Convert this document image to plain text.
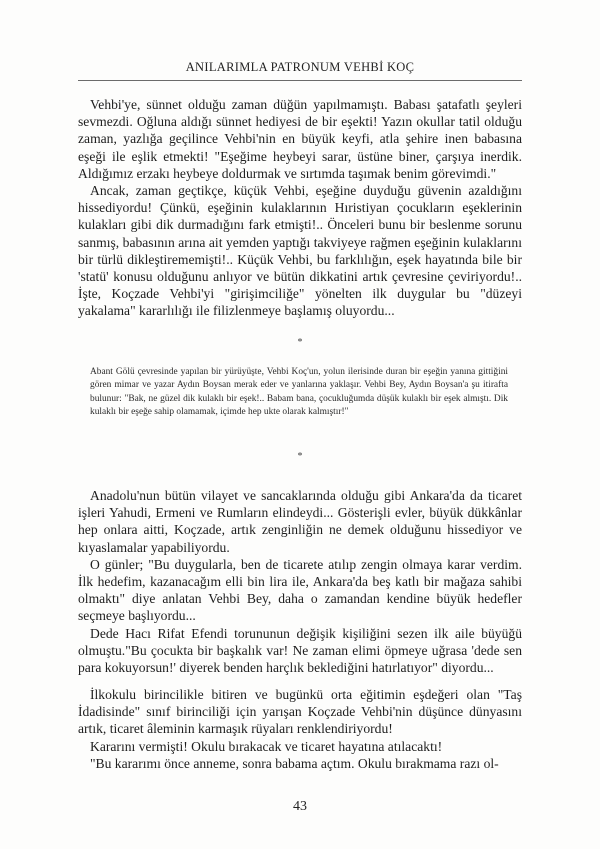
ANILARIMLA PATRONUM VEHBİ KOÇ

Vehbi'ye, sünnet olduğu zaman düğün yapılmamıştı. Babası şatafatlı şeyleri sevmezdi. Oğluna aldığı sünnet hediyesi de bir eşekti! Yazın okullar tatil olduğu zaman, yazlığa geçilince Vehbi'nin en büyük keyfi, atla şehire inen babasına eşeği ile eşlik etmekti! "Eşeğime heybeyi sarar, üstüne biner, çarşıya inerdik. Aldığımız erzakı heybeye doldurmak ve sırtımda taşımak benim görevimdi."

Ancak, zaman geçtikçe, küçük Vehbi, eşeğine duyduğu güvenin azaldığını hissediyordu! Çünkü, eşeğinin kulaklarının Hıristiyan çocukların eşeklerinin kulakları gibi dik durmadığını fark etmişti!.. Önceleri bunu bir beslenme sorunu sanmış, babasının arına ait yemden yaptığı takviyeye rağmen eşeğinin kulaklarını bir türlü dikleştirememişti!.. Küçük Vehbi, bu farklılığın, eşek hayatında bile bir 'statü' konusu olduğunu anlıyor ve bütün dikkatini artık çevresine çeviriyordu!.. İşte, Koçzade Vehbi'yi "girişimciliğe" yönelten ilk duygular bu "düzeyi yakalama" kararlılığı ile filizlenmeye başlamış oluyordu...

*
Abant Gölü çevresinde yapılan bir yürüyüşte, Vehbi Koç'un, yolun ilerisinde duran bir eşeğin yanına gittiğini gören mimar ve yazar Aydın Boysan merak eder ve yanlarına yaklaşır. Vehbi Bey, Aydın Boysan'a şu itirafta bulunur: "Bak, ne güzel dik kulaklı bir eşek!.. Babam bana, çocukluğumda düşük kulaklı bir eşek almıştı. Dik kulaklı bir eşeğe sahip olamamak, içimde hep ukte olarak kalmıştır!"
*

Anadolu'nun bütün vilayet ve sancaklarında olduğu gibi Ankara'da da ticaret işleri Yahudi, Ermeni ve Rumların elindeydi... Gösterişli evler, büyük dükkânlar hep onlara aitti, Koçzade, artık zenginliğin ne demek olduğunu hissediyor ve kıyaslamalar yapabiliyordu.

O günler; "Bu duygularla, ben de ticarete atılıp zengin olmaya karar verdim. İlk hedefim, kazanacağım elli bin lira ile, Ankara'da beş katlı bir mağaza sahibi olmaktı" diye anlatan Vehbi Bey, daha o zamandan kendine büyük hedefler seçmeye başlıyordu...

Dede Hacı Rifat Efendi torununun değişik kişiliğini sezen ilk aile büyüğü olmuştu."Bu çocukta bir başkalık var! Ne zaman elimi öpmeye uğrasa 'dede sen para kokuyorsun!' diyerek benden harçlık beklediğini hatırlatıyor" diyordu...

İlkokulu birincilikle bitiren ve bugünkü orta eğitimin eşdeğeri olan "Taş İdadisinde" sınıf birinciliği için yarışan Koçzade Vehbi'nin düşünce dünyasını artık, ticaret âleminin karmaşık rüyaları renklendiriyordu!

Kararını vermişti! Okulu bırakacak ve ticaret hayatına atılacaktı!

"Bu kararımı önce anneme, sonra babama açtım. Okulu bırakmama razı ol-

43
